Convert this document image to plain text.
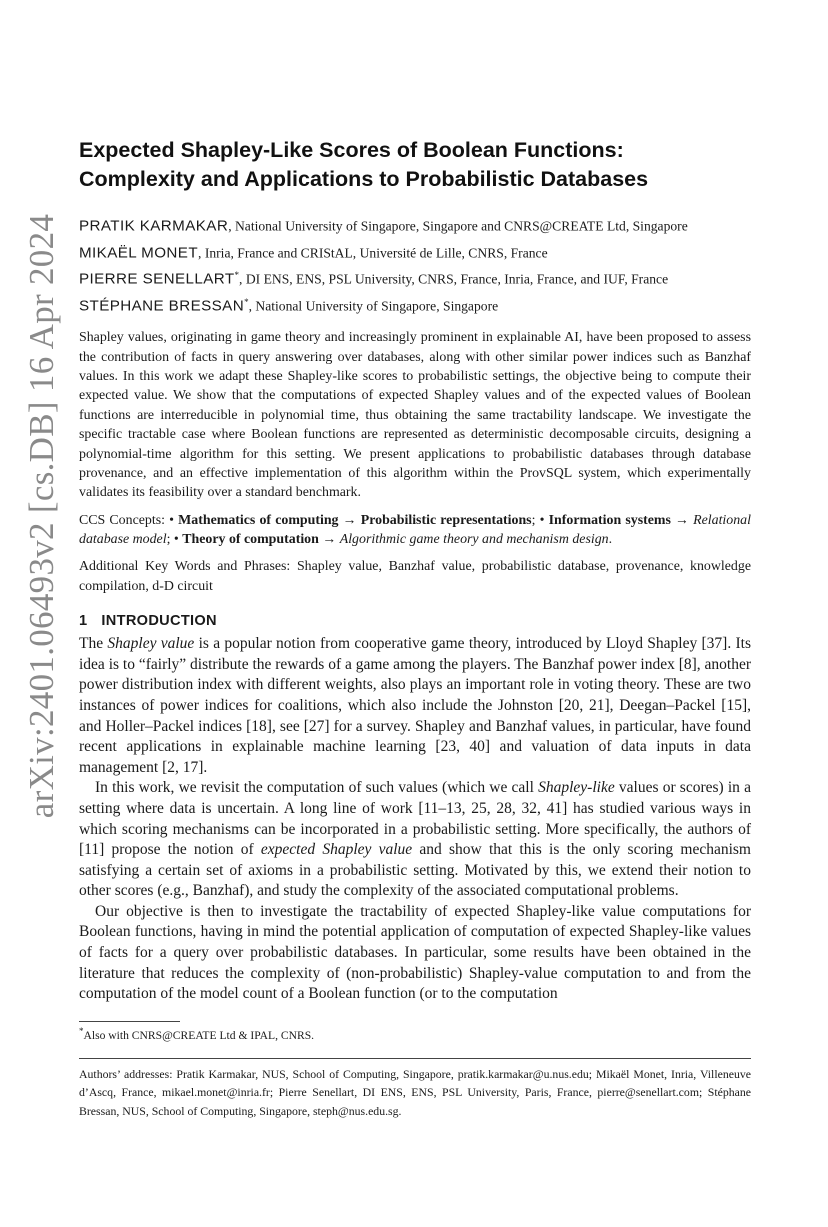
arXiv:2401.06493v2 [cs.DB] 16 Apr 2024
Expected Shapley-Like Scores of Boolean Functions:
Complexity and Applications to Probabilistic Databases
PRATIK KARMAKAR, National University of Singapore, Singapore and CNRS@CREATE Ltd, Singapore
MIKAËL MONET, Inria, France and CRIStAL, Université de Lille, CNRS, France
PIERRE SENELLART*, DI ENS, ENS, PSL University, CNRS, France, Inria, France, and IUF, France
STÉPHANE BRESSAN*, National University of Singapore, Singapore

Shapley values, originating in game theory and increasingly prominent in explainable AI, have been proposed to assess the contribution of facts in query answering over databases, along with other similar power indices such as Banzhaf values. In this work we adapt these Shapley-like scores to probabilistic settings, the objective being to compute their expected value. We show that the computations of expected Shapley values and of the expected values of Boolean functions are interreducible in polynomial time, thus obtaining the same tractability landscape. We investigate the specific tractable case where Boolean functions are represented as deterministic decomposable circuits, designing a polynomial-time algorithm for this setting. We present applications to probabilistic databases through database provenance, and an effective implementation of this algorithm within the ProvSQL system, which experimentally validates its feasibility over a standard benchmark.

CCS Concepts: • Mathematics of computing → Probabilistic representations; • Information systems → Relational database model; • Theory of computation → Algorithmic game theory and mechanism design.
Additional Key Words and Phrases: Shapley value, Banzhaf value, probabilistic database, provenance, knowledge compilation, d-D circuit
1 INTRODUCTION

The Shapley value is a popular notion from cooperative game theory, introduced by Lloyd Shapley [37]. Its idea is to “fairly” distribute the rewards of a game among the players. The Banzhaf power index [8], another power distribution index with different weights, also plays an important role in voting theory. These are two instances of power indices for coalitions, which also include the Johnston [20, 21], Deegan–Packel [15], and Holler–Packel indices [18], see [27] for a survey. Shapley and Banzhaf values, in particular, have found recent applications in explainable machine learning [23, 40] and valuation of data inputs in data management [2, 17].

In this work, we revisit the computation of such values (which we call Shapley-like values or scores) in a setting where data is uncertain. A long line of work [11–13, 25, 28, 32, 41] has studied various ways in which scoring mechanisms can be incorporated in a probabilistic setting. More specifically, the authors of [11] propose the notion of expected Shapley value and show that this is the only scoring mechanism satisfying a certain set of axioms in a probabilistic setting. Motivated by this, we extend their notion to other scores (e.g., Banzhaf), and study the complexity of the associated computational problems.

Our objective is then to investigate the tractability of expected Shapley-like value computations for Boolean functions, having in mind the potential application of computation of expected Shapley-like values of facts for a query over probabilistic databases. In particular, some results have been obtained in the literature that reduces the complexity of (non-probabilistic) Shapley-value computation to and from the computation of the model count of a Boolean function (or to the computation

*Also with CNRS@CREATE Ltd & IPAL, CNRS.
Authors’ addresses: Pratik Karmakar, NUS, School of Computing, Singapore, pratik.karmakar@u.nus.edu; Mikaël Monet, Inria, Villeneuve d’Ascq, France, mikael.monet@inria.fr; Pierre Senellart, DI ENS, ENS, PSL University, Paris, France, pierre@senellart.com; Stéphane Bressan, NUS, School of Computing, Singapore, steph@nus.edu.sg.
